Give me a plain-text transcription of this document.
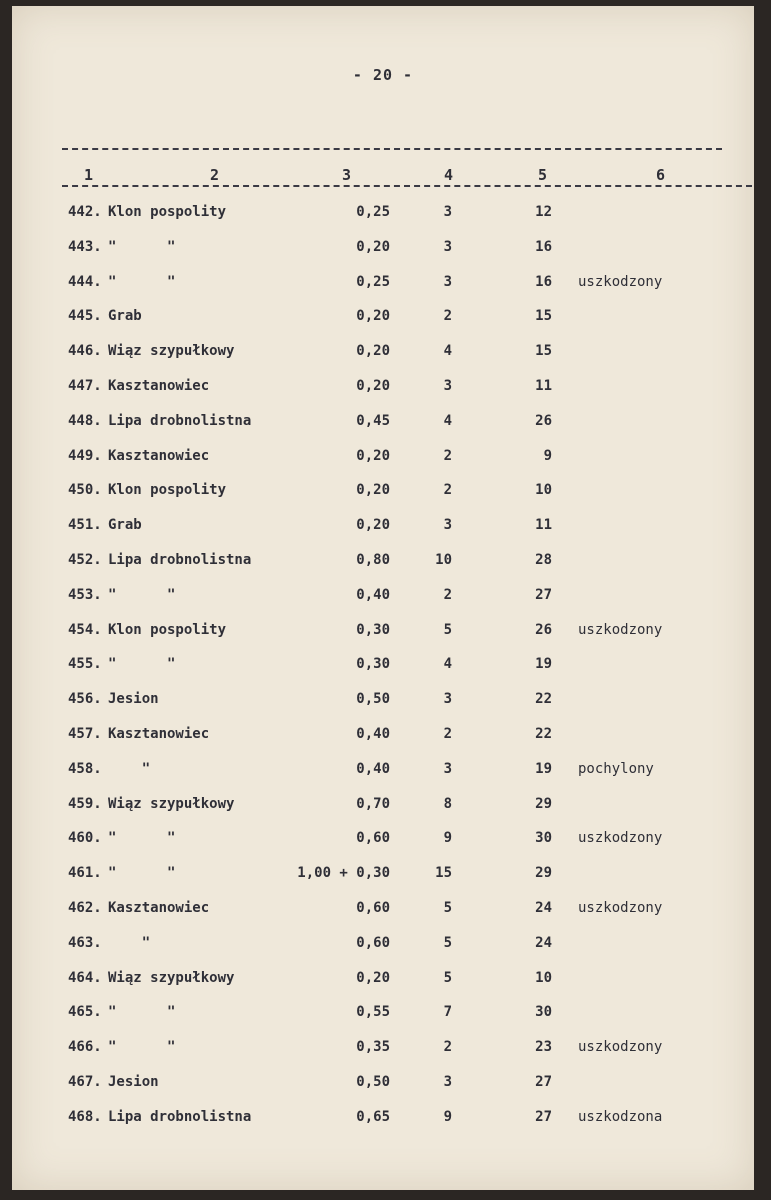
- 20 -
1	2	3	4	5	6
442. Klon pospolity	0,25	3	12
443. "      "	0,20	3	16
444. "      "	0,25	3	16 uszkodzony
445. Grab	0,20	2	15
446. Wiąz szypułkowy	0,20	4	15
447. Kasztanowiec	0,20	3	11
448. Lipa drobnolistna	0,45	4	26
449. Kasztanowiec	0,20	2	9
450. Klon pospolity	0,20	2	10
451. Grab	0,20	3	11
452. Lipa drobnolistna	0,80	10	28
453. "      "	0,40	2	27
454. Klon pospolity	0,30	5	26 uszkodzony
455. "      "	0,30	4	19
456. Jesion	0,50	3	22
457. Kasztanowiec	0,40	2	22
458. "	0,40	3	19 pochylony
459. Wiąz szypułkowy	0,70	8	29
460. "      "	0,60	9	30 uszkodzony
461. "      "	1,00 + 0,30	15	29
462. Kasztanowiec	0,60	5	24 uszkodzony
463. "	0,60	5	24
464. Wiąz szypułkowy	0,20	5	10
465. "      "	0,55	7	30
466. "      "	0,35	2	23 uszkodzony
467. Jesion	0,50	3	27
468. Lipa drobnolistna	0,65	9	27 uszkodzona
